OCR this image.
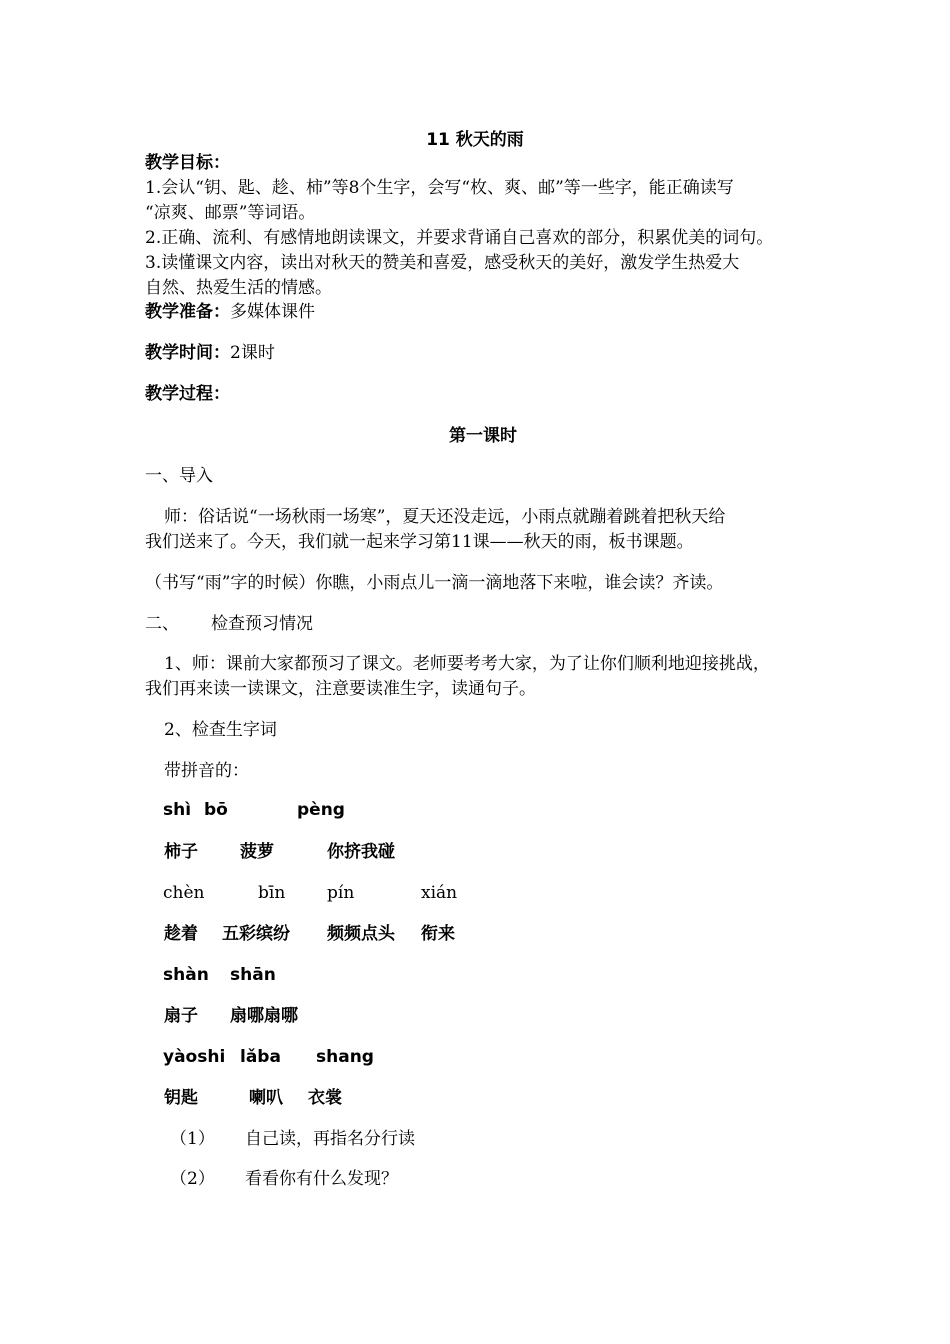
11 秋天的雨
教学目标：
1.会认“钥、匙、趁、柿”等8个生字，会写“枚、爽、邮”等一些字，能正确读写
“凉爽、邮票”等词语。
2.正确、流利、有感情地朗读课文，并要求背诵自己喜欢的部分，积累优美的词句。
3.读懂课文内容，读出对秋天的赞美和喜爱，感受秋天的美好，激发学生热爱大
自然、热爱生活的情感。
教学准备：多媒体课件
教学时间：2课时
教学过程：
第一课时
一、导入
师：俗话说“一场秋雨一场寒”，夏天还没走远，小雨点就蹦着跳着把秋天给
我们送来了。今天，我们就一起来学习第11课——秋天的雨，板书课题。
（书写“雨”字的时候）你瞧，小雨点儿一滴一滴地落下来啦，谁会读？齐读。
二、 检查预习情况
1、师：课前大家都预习了课文。老师要考考大家，为了让你们顺利地迎接挑战，
我们再来读一读课文，注意要读准生字，读通句子。
2、检查生字词
带拼音的：
shì bō	pèng
柿子 菠萝	你挤我碰
chèn	bīn pín	xián
趁着 五彩缤纷 频频点头 衔来
shàn shān
扇子 扇哪扇哪
yàoshi lǎba shang
钥匙	喇叭 衣裳
（1） 自己读，再指名分行读
（2） 看看你有什么发现？
